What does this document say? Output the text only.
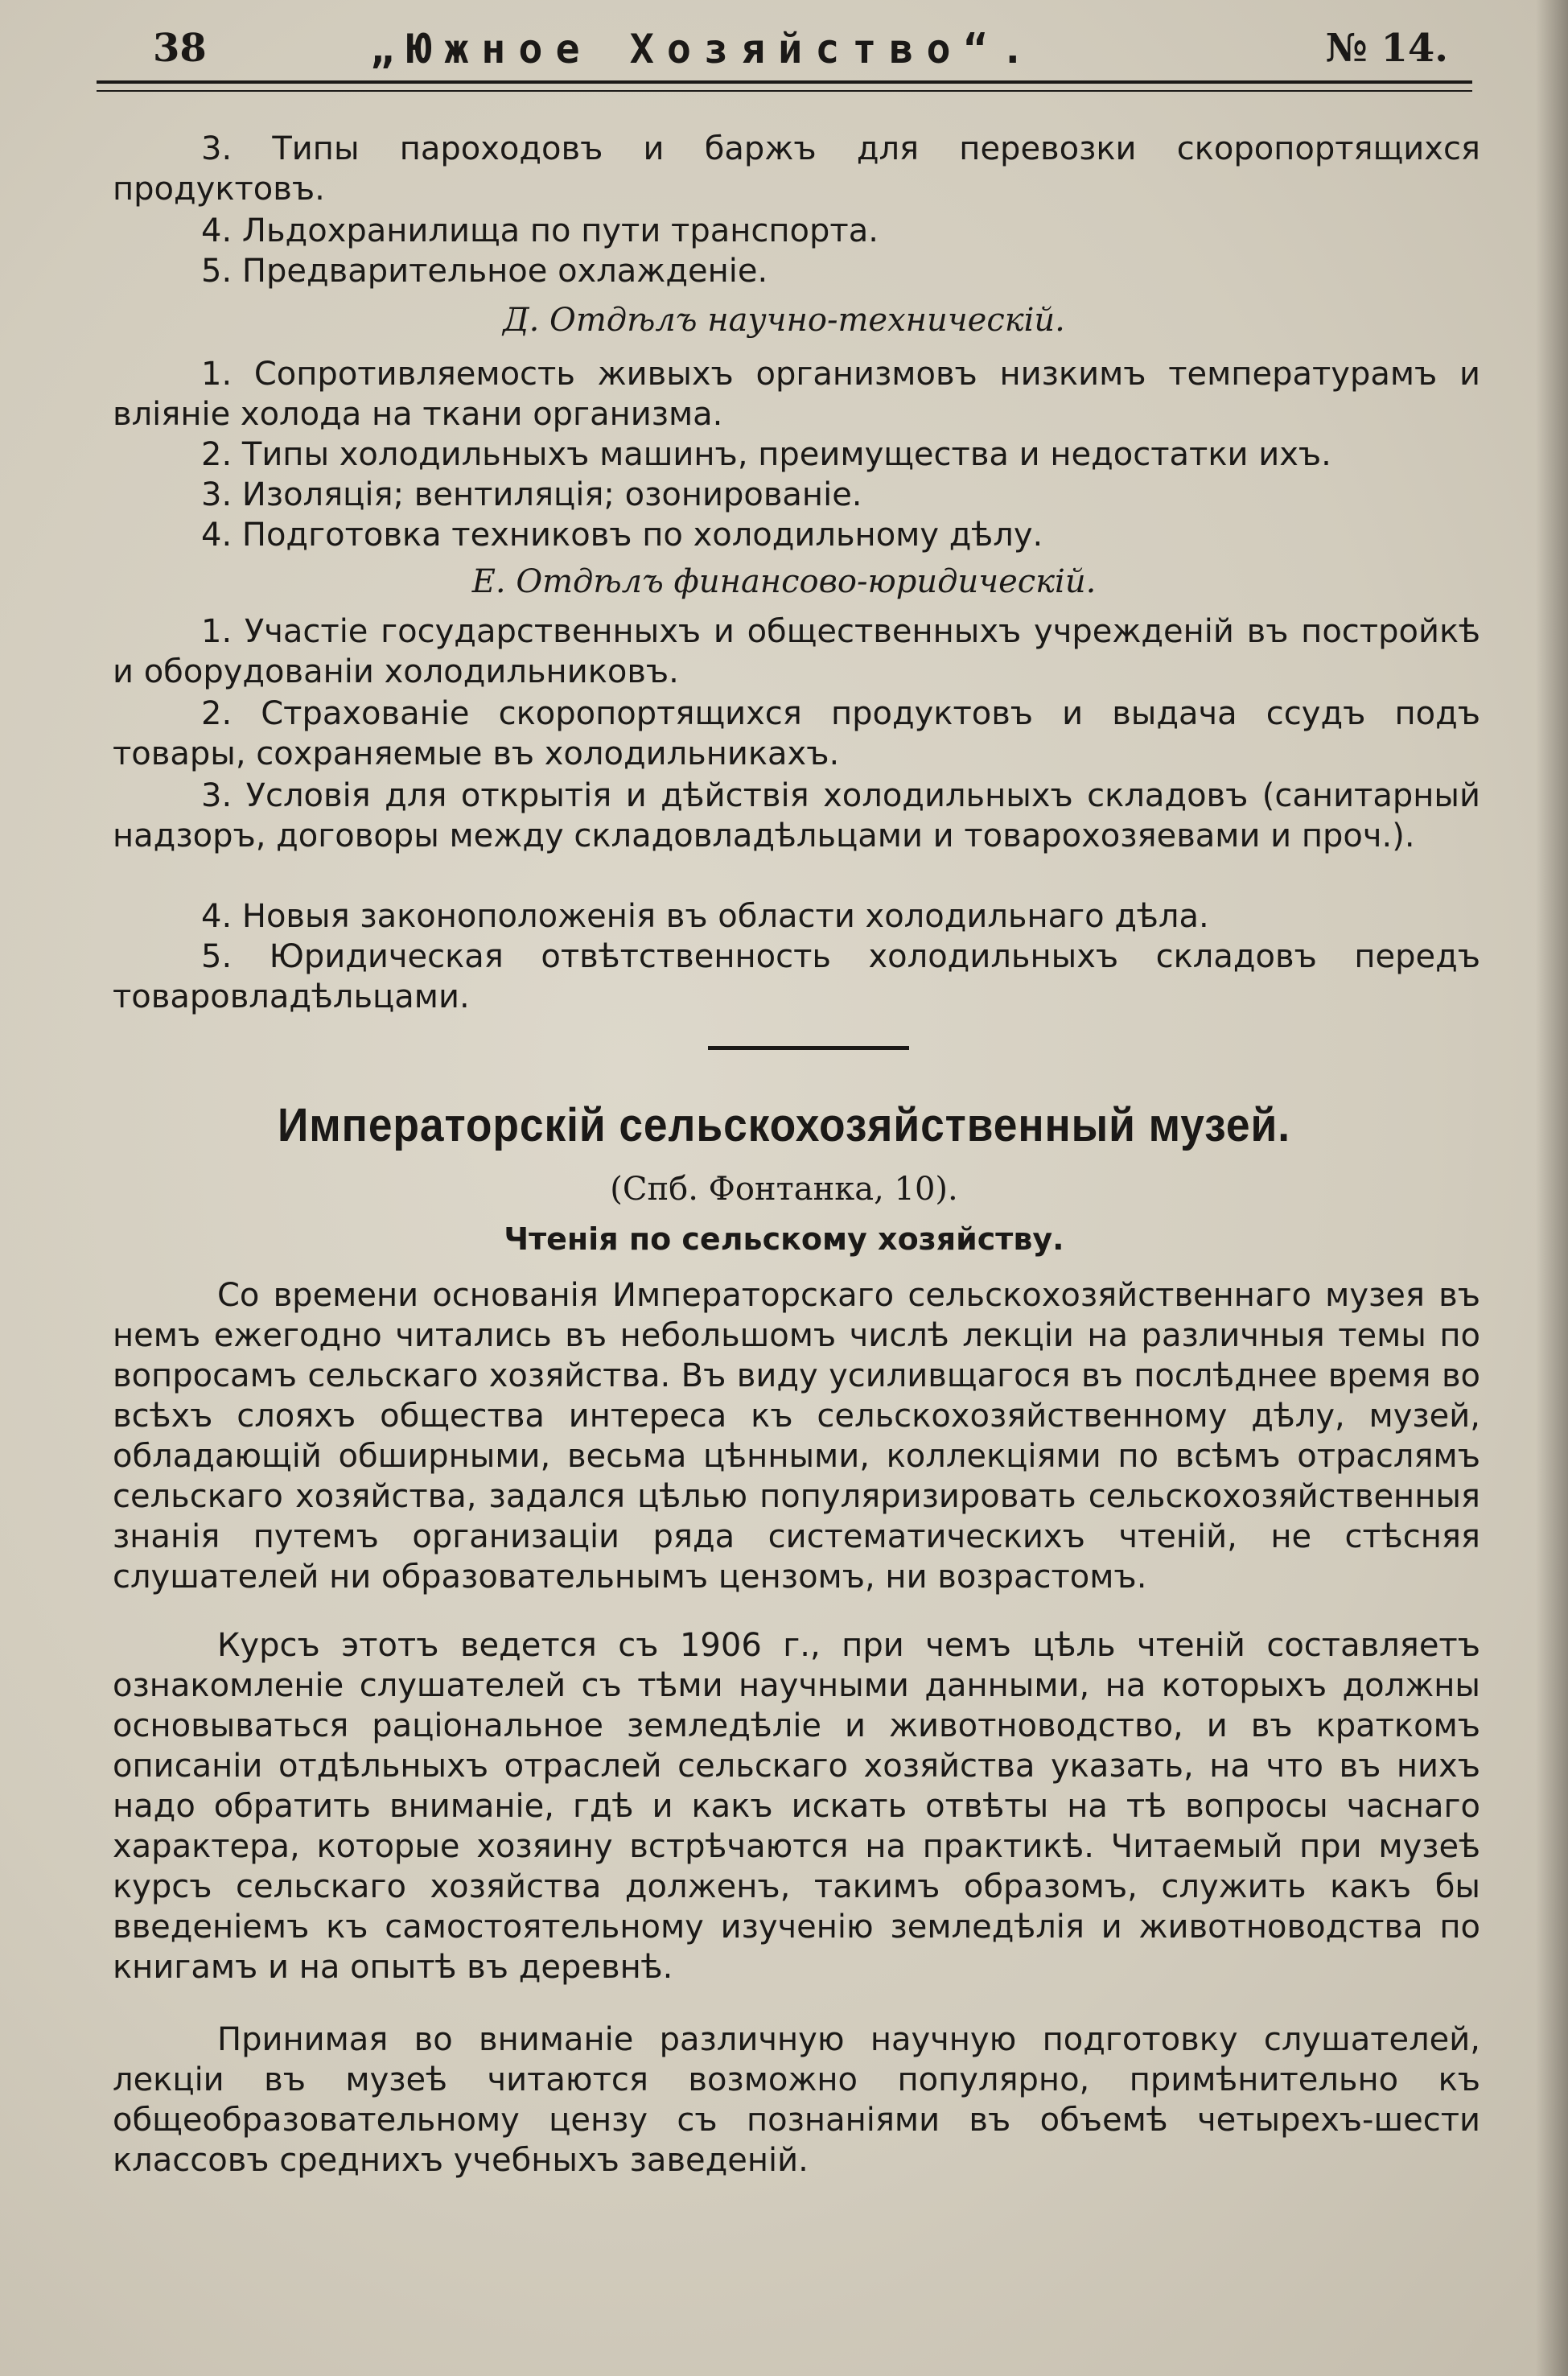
38	„Южное Хозяйство“.	№ 14.
3. Типы пароходовъ и баржъ для перевозки скоропортящихся продуктовъ.
4. Льдохранилища по пути транспорта.
5. Предварительное охлажденіе.
Д. Отдѣлъ научно-техническій.
1. Сопротивляемость живыхъ организмовъ низкимъ температурамъ и вліяніе холода на ткани организма.
2. Типы холодильныхъ машинъ, преимущества и недостатки ихъ.
3. Изоляція; вентиляція; озонированіе.
4. Подготовка техниковъ по холодильному дѣлу.
Е. Отдѣлъ финансово-юридическій.
1. Участіе государственныхъ и общественныхъ учрежденій въ постройкѣ и оборудованіи холодильниковъ.
2. Страхованіе скоропортящихся продуктовъ и выдача ссудъ подъ товары, сохраняемые въ холодильникахъ.
3. Условія для открытія и дѣйствія холодильныхъ складовъ (санитарный надзоръ, договоры между складовладѣльцами и товарохозяевами и проч.).
4. Новыя законоположенія въ области холодильнаго дѣла.
5. Юридическая отвѣтственность холодильныхъ складовъ передъ товаровладѣльцами.
Императорскій сельскохозяйственный музей.
(Спб. Фонтанка, 10).
Чтенія по сельскому хозяйству.
Со времени основанія Императорскаго сельскохозяйственнаго музея въ немъ ежегодно читались въ небольшомъ числѣ лекціи на различныя темы по вопросамъ сельскаго хозяйства. Въ виду усиливщагося въ послѣднее время во всѣхъ слояхъ общества интереса къ сельскохозяйственному дѣлу, музей, обладающій обширными, весьма цѣнными, коллекціями по всѣмъ отраслямъ сельскаго хозяйства, задался цѣлью популяризировать сельскохозяйственныя знанія путемъ организаціи ряда систематическихъ чтеній, не стѣсняя слушателей ни образовательнымъ цензомъ, ни возрастомъ.
Курсъ этотъ ведется съ 1906 г., при чемъ цѣль чтеній составляетъ ознакомленіе слушателей съ тѣми научными данными, на которыхъ должны основываться раціональное земледѣліе и животноводство, и въ краткомъ описаніи отдѣльныхъ отраслей сельскаго хозяйства указать, на что въ нихъ надо обратить вниманіе, гдѣ и какъ искать отвѣты на тѣ вопросы часнаго характера, которые хозяину встрѣчаются на практикѣ. Читаемый при музеѣ курсъ сельскаго хозяйства долженъ, такимъ образомъ, служить какъ бы введеніемъ къ самостоятельному изученію земледѣлія и животноводства по книгамъ и на опытѣ въ деревнѣ.
Принимая во вниманіе различную научную подготовку слушателей, лекціи въ музеѣ читаются возможно популярно, примѣнительно къ общеобразовательному цензу съ познаніями въ объемѣ четырехъ-шести классовъ среднихъ учебныхъ заведеній.
